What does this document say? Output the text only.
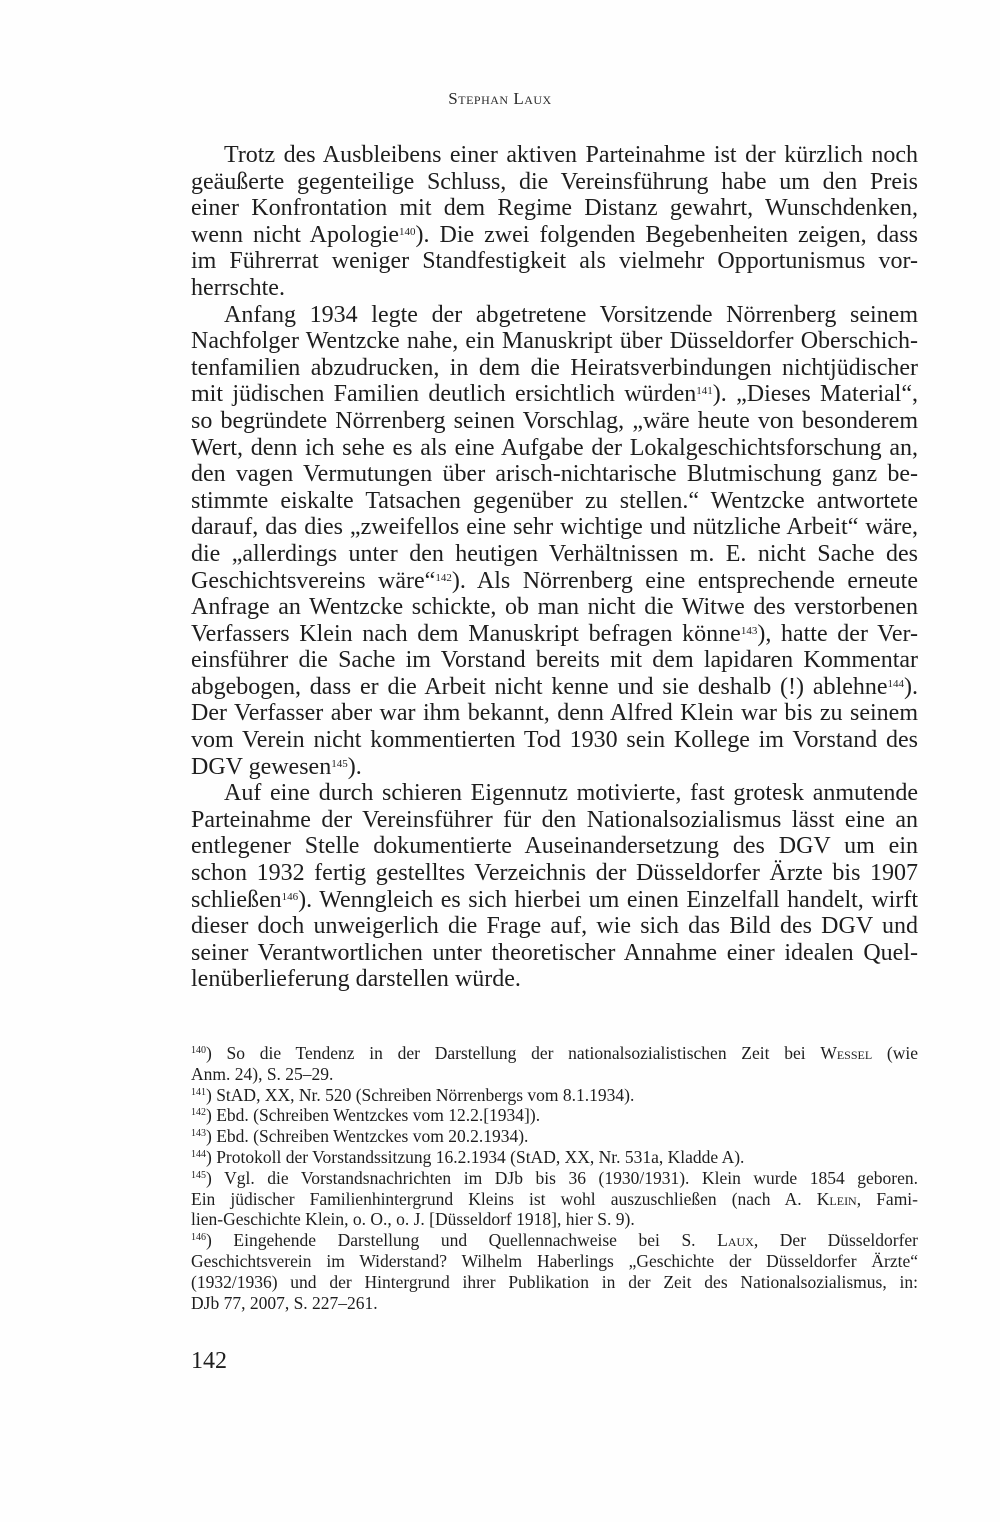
Stephan Laux

Trotz des Ausbleibens einer aktiven Parteinahme ist der kürzlich noch
geäußerte gegenteilige Schluss, die Vereinsführung habe um den Preis
einer Konfrontation mit dem Regime Distanz gewahrt, Wunschdenken,
wenn nicht Apologie$^{140}$). Die zwei folgenden Begebenheiten zeigen, dass
im Führerrat weniger Standfestigkeit als vielmehr Opportunismus vor-
herrschte.

Anfang 1934 legte der abgetretene Vorsitzende Nörrenberg seinem
Nachfolger Wentzcke nahe, ein Manuskript über Düsseldorfer Oberschich-
tenfamilien abzudrucken, in dem die Heiratsverbindungen nichtjüdischer
mit jüdischen Familien deutlich ersichtlich würden$^{141}$). „Dieses Material“,
so begründete Nörrenberg seinen Vorschlag, „wäre heute von besonderem
Wert, denn ich sehe es als eine Aufgabe der Lokalgeschichtsforschung an,
den vagen Vermutungen über arisch-nichtarische Blutmischung ganz be-
stimmte eiskalte Tatsachen gegenüber zu stellen.“ Wentzcke antwortete
darauf, das dies „zweifellos eine sehr wichtige und nützliche Arbeit“ wäre,
die „allerdings unter den heutigen Verhältnissen m. E. nicht Sache des
Geschichtsvereins wäre“$^{142}$). Als Nörrenberg eine entsprechende erneute
Anfrage an Wentzcke schickte, ob man nicht die Witwe des verstorbenen
Verfassers Klein nach dem Manuskript befragen könne$^{143}$), hatte der Ver-
einsführer die Sache im Vorstand bereits mit dem lapidaren Kommentar
abgebogen, dass er die Arbeit nicht kenne und sie deshalb (!) ablehne$^{144}$).
Der Verfasser aber war ihm bekannt, denn Alfred Klein war bis zu seinem
vom Verein nicht kommentierten Tod 1930 sein Kollege im Vorstand des
DGV gewesen$^{145}$).

Auf eine durch schieren Eigennutz motivierte, fast grotesk anmutende
Parteinahme der Vereinsführer für den Nationalsozialismus lässt eine an
entlegener Stelle dokumentierte Auseinandersetzung des DGV um ein
schon 1932 fertig gestelltes Verzeichnis der Düsseldorfer Ärzte bis 1907
schließen$^{146}$). Wenngleich es sich hierbei um einen Einzelfall handelt, wirft
dieser doch unweigerlich die Frage auf, wie sich das Bild des DGV und
seiner Verantwortlichen unter theoretischer Annahme einer idealen Quel-
lenüberlieferung darstellen würde.

$^{140}$) So die Tendenz in der Darstellung der nationalsozialistischen Zeit bei Wessel (wie
Anm. 24), S. 25–29.
$^{141}$) StAD, XX, Nr. 520 (Schreiben Nörrenbergs vom 8.1.1934).
$^{142}$) Ebd. (Schreiben Wentzckes vom 12.2.[1934]).
$^{143}$) Ebd. (Schreiben Wentzckes vom 20.2.1934).
$^{144}$) Protokoll der Vorstandssitzung 16.2.1934 (StAD, XX, Nr. 531a, Kladde A).
$^{145}$) Vgl. die Vorstandsnachrichten im DJb bis 36 (1930/1931). Klein wurde 1854 geboren.
Ein jüdischer Familienhintergrund Kleins ist wohl auszuschließen (nach A. Klein, Fami-
lien-Geschichte Klein, o. O., o. J. [Düsseldorf 1918], hier S. 9).
$^{146}$) Eingehende Darstellung und Quellennachweise bei S. Laux, Der Düsseldorfer
Geschichtsverein im Widerstand? Wilhelm Haberlings „Geschichte der Düsseldorfer Ärzte“
(1932/1936) und der Hintergrund ihrer Publikation in der Zeit des Nationalsozialismus, in:
DJb 77, 2007, S. 227–261.
142
